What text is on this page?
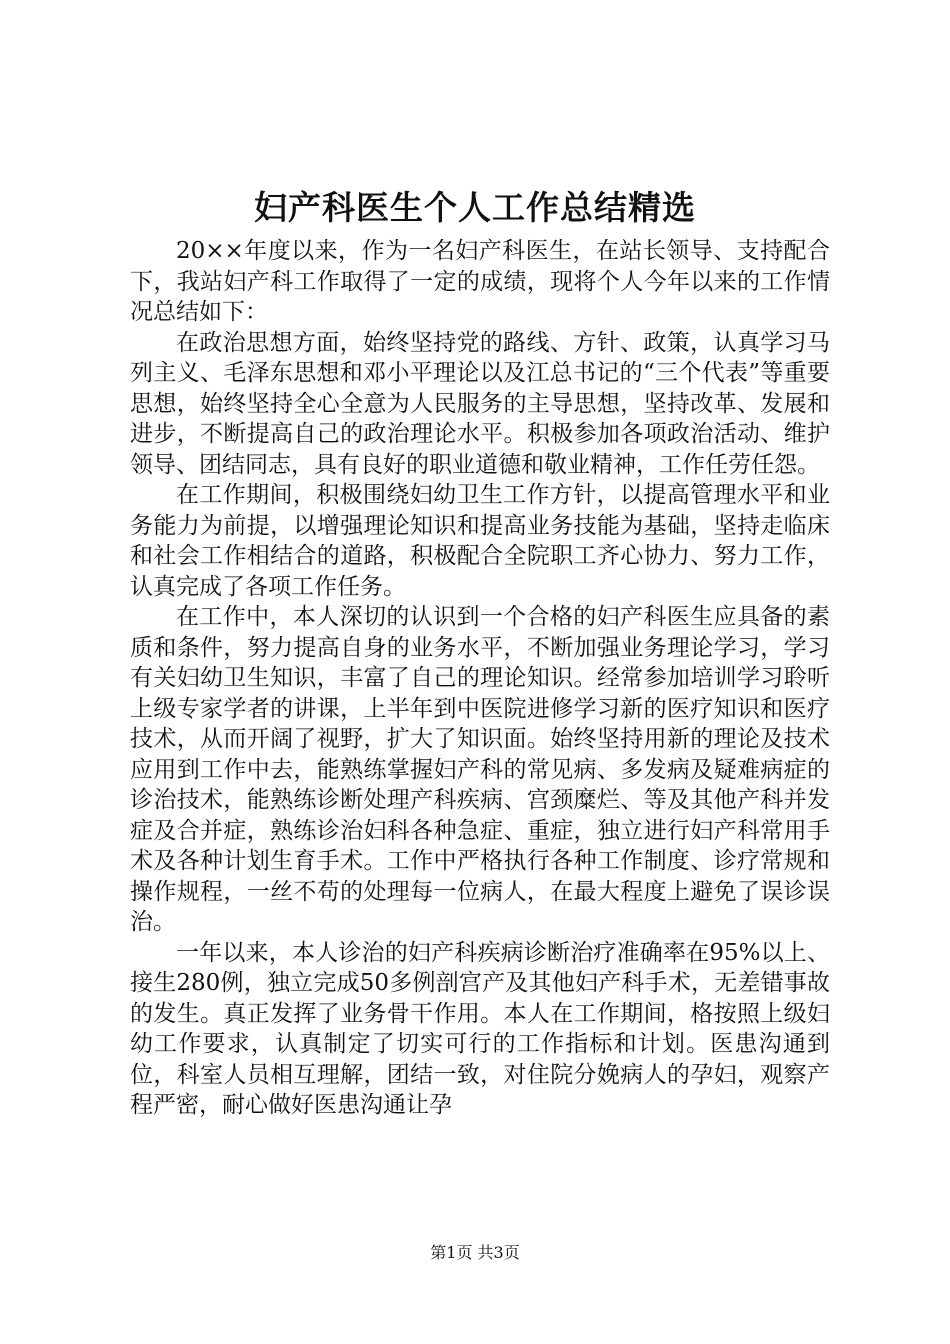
妇产科医生个人工作总结精选

20××年度以来，作为一名妇产科医生，在站长领导、支持配合下，我站妇产科工作取得了一定的成绩，现将个人今年以来的工作情况总结如下：

在政治思想方面，始终坚持党的路线、方针、政策，认真学习马列主义、毛泽东思想和邓小平理论以及江总书记的“三个代表”等重要思想，始终坚持全心全意为人民服务的主导思想，坚持改革、发展和进步，不断提高自己的政治理论水平。积极参加各项政治活动、维护领导、团结同志，具有良好的职业道德和敬业精神，工作任劳任怨。

在工作期间，积极围绕妇幼卫生工作方针，以提高管理水平和业务能力为前提，以增强理论知识和提高业务技能为基础，坚持走临床和社会工作相结合的道路，积极配合全院职工齐心协力、努力工作，认真完成了各项工作任务。

在工作中，本人深切的认识到一个合格的妇产科医生应具备的素质和条件，努力提高自身的业务水平，不断加强业务理论学习，学习有关妇幼卫生知识，丰富了自己的理论知识。经常参加培训学习聆听上级专家学者的讲课，上半年到中医院进修学习新的医疗知识和医疗技术，从而开阔了视野，扩大了知识面。始终坚持用新的理论及技术应用到工作中去，能熟练掌握妇产科的常见病、多发病及疑难病症的诊治技术，能熟练诊断处理产科疾病、宫颈糜烂、等及其他产科并发症及合并症，熟练诊治妇科各种急症、重症，独立进行妇产科常用手术及各种计划生育手术。工作中严格执行各种工作制度、诊疗常规和操作规程，一丝不苟的处理每一位病人，在最大程度上避免了误诊误治。

一年以来，本人诊治的妇产科疾病诊断治疗准确率在95%以上、接生280例，独立完成50多例剖宫产及其他妇产科手术，无差错事故的发生。真正发挥了业务骨干作用。本人在工作期间，格按照上级妇幼工作要求，认真制定了切实可行的工作指标和计划。医患沟通到位，科室人员相互理解，团结一致，对住院分娩病人的孕妇，观察产程严密，耐心做好医患沟通让孕

第1页 共3页
